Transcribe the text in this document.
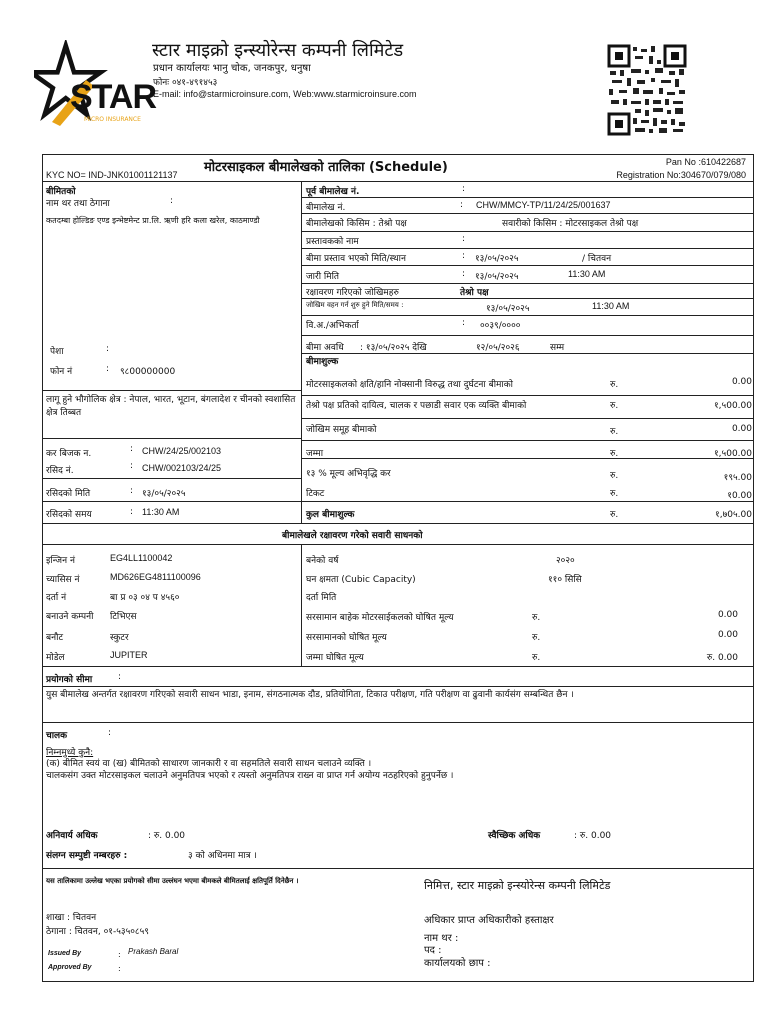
STAR
MICRO INSURANCE
स्टार माइक्रो इन्स्योरेन्स कम्पनी लिमिटेड
प्रधान कार्यालयः भानु चोक, जनकपुर, धनुषा
फोनः ०४१-४९१४५३
E-mail: info@starmicroinsure.com, Web:www.starmicroinsure.com
KYC NO= IND-JNK01001121137 मोटरसाइकल बीमालेखको तालिका (Schedule)	Pan No :610422687
Registration No:304670/079/080
बीमितको
नाम थर तथा ठेगाना	:
कतदम्बा होल्डिङ एण्ड इन्भेष्टमेन्ट प्रा.लि. ऋणी हरि कला खरेल, काठमाण्डौ
पेशा	:
फोन नं	: ९८00000000
लागू हुने भौगोलिक क्षेत्र : नेपाल, भारत, भूटान, बंगलादेश र चीनको स्वशासित क्षेत्र तिब्बत
कर बिजक न.	: CHW/24/25/002103
रसिद नं.	: CHW/002103/24/25
रसिदको मिति	: १३/०५/२०२५
रसिदको समय	: 11:30 AM
पूर्व बीमालेख नं.	:
बीमालेख नं.	: CHW/MMCY-TP/11/24/25/001637
बीमालेखको किसिम : तेश्रो पक्ष	सवारीको किसिम : मोटरसाइकल तेश्रो पक्ष
प्रस्तावकको नाम	:
बीमा प्रस्ताव भएको मिति/स्थान	: १३/०५/२०२५	/ चितवन
जारी मिति	: १३/०५/२०२५	11:30 AM
रक्षावरण गरिएको जोखिमहरु	तेश्रो पक्ष
जोखिम वहन गर्न शुरु हुने मिति/समय :	१३/०५/२०२५	11:30 AM
वि.अ./अभिकर्ता	: ००३९/००००
बीमा अवधि : १३/०५/२०२५ देखि	१२/०५/२०२६	सम्म
बीमाशुल्क
मोटरसाइकलको क्षति/हानि नोक्सानी विरुद्ध तथा दुर्घटना बीमाको	रु.	0.00
तेश्रो पक्ष प्रतिको दायित्व, चालक र पछाडी सवार एक व्यक्ति बीमाको	रु.	१,५00.00
जोखिम समूह बीमाको	रु.	0.00
जम्मा	रु.	१,५00.00
१३ % मूल्य अभिवृद्धि कर	रु.	१९५.00
टिकट	रु.	१0.00
कुल बीमाशुल्क	रु.	१,७0५.00
बीमालेखले रक्षावरण गरेको सवारी साधनको
इन्जिन नं	EG4LL1100042
च्यासिस नं	MD626EG4811100096
दर्ता नं	बा प्र ०३ ०४ प ४५६०
बनाउने कम्पनी टिभिएस
बनौट	स्कुटर
मोडेल	JUPITER
बनेको वर्ष	२०२०
घन क्षमता (Cubic Capacity)	११० सिसि
दर्ता मिति
सरसामान बाहेक मोटरसाईकलको घोषित मूल्य	रु.	0.00
सरसामानको घोषित मूल्य	रु.	0.00
जम्मा घोषित मूल्य	रु.	रु. 0.00
प्रयोगको सीमा	:
युस बीमालेख अन्तर्गत रक्षावरण गरिएको सवारी साधन भाडा, इनाम, संगठनात्मक दौड, प्रतियोगिता, टिकाउ परीक्षण, गति परीक्षण वा ढुवानी कार्यसंग सम्बन्धित छैन ।
चालक	:
निम्नमुध्ये कुनै:
(क) बीमित स्वयं वा (ख) बीमितको साधारण जानकारी र वा सहमतिले सवारी साधन चलाउने व्यक्ति ।
चालकसंग उक्त मोटरसाइकल चलाउने अनुमतिपत्र भएको र त्यस्तो अनुमतिपत्र राख्न वा प्राप्त गर्न अयोग्य नठहरिएको हुनुपर्नेछ ।
अनिवार्य अधिक	: रु. 0.00	स्वैच्छिक अधिक	: रु. 0.00
संलग्न सम्पुष्टी नम्बरहरु :	३ को अधिनमा मात्र ।
यस तालिकामा उल्लेख भएका प्रयोगको सीमा उल्लंघन भएमा बीमकले बीमितलाई क्षतिपूर्ति दिनेछैन ।	निमित्त, स्टार माइक्रो इन्स्योरेन्स कम्पनी लिमिटेड
शाखा : चितवन
ठेगाना : चितवन, ०१-५३५०८५९
अधिकार प्राप्त अधिकारीको हस्ताक्षर
नाम थर :
पद :
कार्यालयको छाप :
Issued By	: Prakash Baral
Approved By	:
